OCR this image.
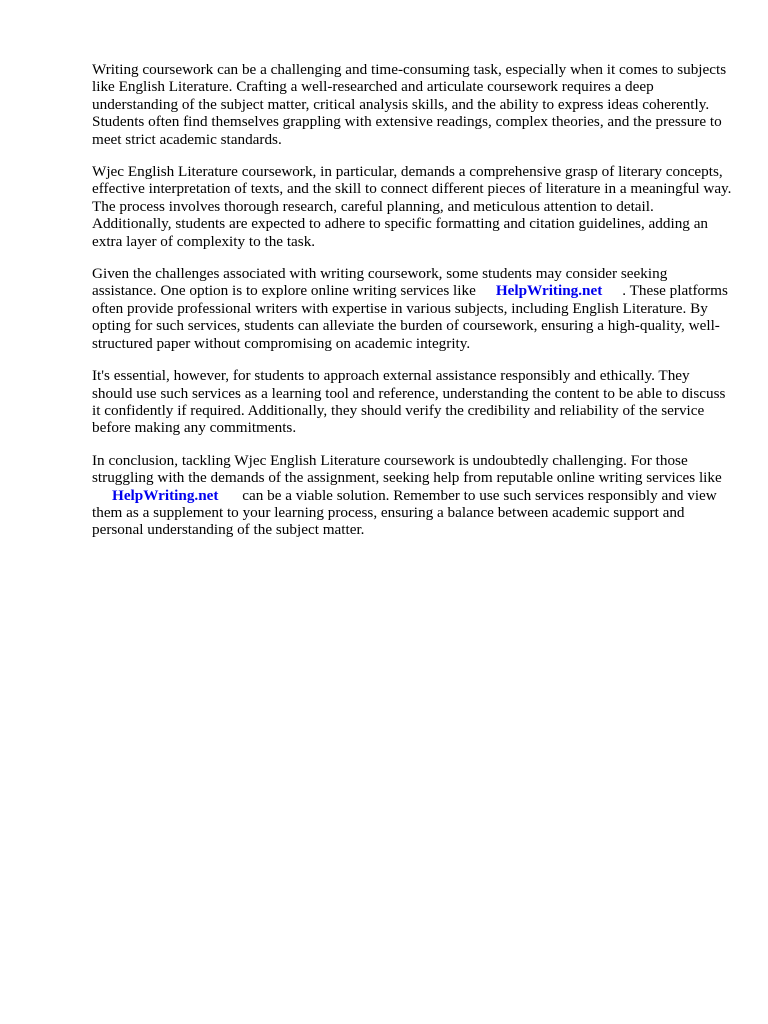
Writing coursework can be a challenging and time-consuming task, especially when it comes to subjects like English Literature. Crafting a well-researched and articulate coursework requires a deep understanding of the subject matter, critical analysis skills, and the ability to express ideas coherently. Students often find themselves grappling with extensive readings, complex theories, and the pressure to meet strict academic standards.

Wjec English Literature coursework, in particular, demands a comprehensive grasp of literary concepts, effective interpretation of texts, and the skill to connect different pieces of literature in a meaningful way. The process involves thorough research, careful planning, and meticulous attention to detail. Additionally, students are expected to adhere to specific formatting and citation guidelines, adding an extra layer of complexity to the task.

Given the challenges associated with writing coursework, some students may consider seeking assistance. One option is to explore online writing services like HelpWriting.net . These platforms often provide professional writers with expertise in various subjects, including English Literature. By opting for such services, students can alleviate the burden of coursework, ensuring a high-quality, well-structured paper without compromising on academic integrity.

It's essential, however, for students to approach external assistance responsibly and ethically. They should use such services as a learning tool and reference, understanding the content to be able to discuss it confidently if required. Additionally, they should verify the credibility and reliability of the service before making any commitments.

In conclusion, tackling Wjec English Literature coursework is undoubtedly challenging. For those struggling with the demands of the assignment, seeking help from reputable online writing services like HelpWriting.net can be a viable solution. Remember to use such services responsibly and view them as a supplement to your learning process, ensuring a balance between academic support and personal understanding of the subject matter.
